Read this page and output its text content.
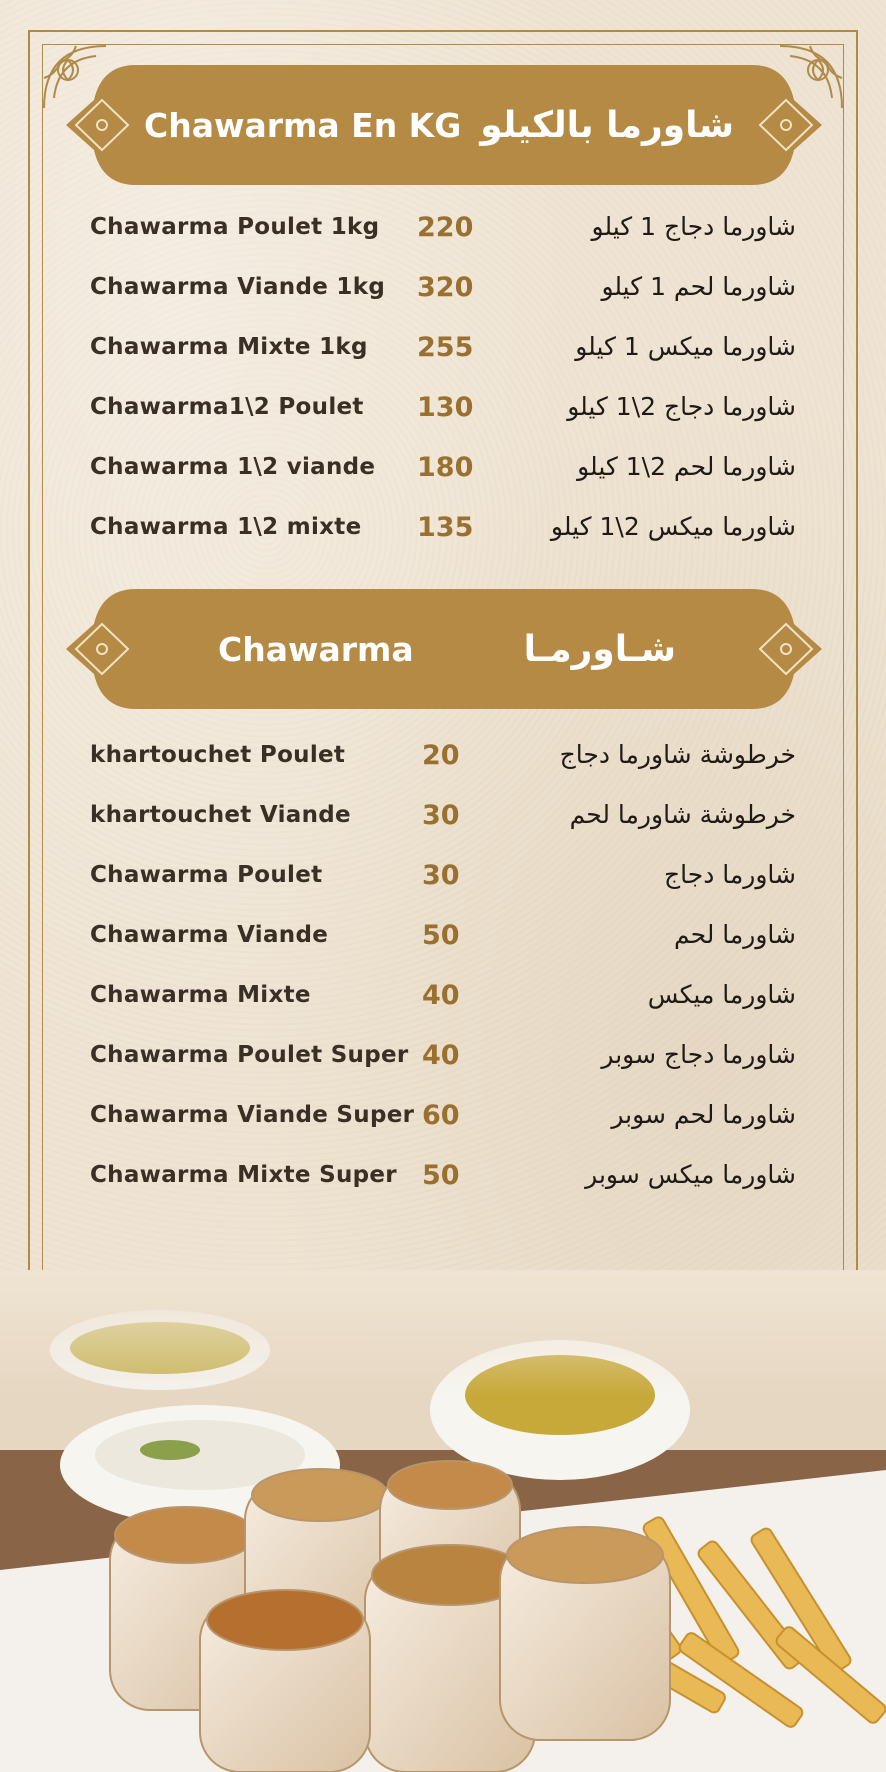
Chawarma En KG شاورما بالكيلو
Chawarma Poulet 1kg 220	شاورما دجاج 1 كيلو
Chawarma Viande 1kg 320	شاورما لحم 1 كيلو
Chawarma Mixte 1kg 255	شاورما ميكس 1 كيلو
Chawarma1\2 Poulet 130	شاورما دجاج 2\1 كيلو
Chawarma 1\2 viande 180	شاورما لحم 2\1 كيلو
Chawarma 1\2 mixte 135	شاورما ميكس 2\1 كيلو
Chawarma	شـاورمـا
khartouchet Poulet	20	خرطوشة شاورما دجاج
khartouchet Viande	30	خرطوشة شاورما لحم
Chawarma Poulet	30	شاورما دجاج
Chawarma Viande	50	شاورما لحم
Chawarma Mixte	40	شاورما ميكس
Chawarma Poulet Super 40	شاورما دجاج سوبر
Chawarma Viande Super 60	شاورما لحم سوبر
Chawarma Mixte Super 50	شاورما ميكس سوبر
